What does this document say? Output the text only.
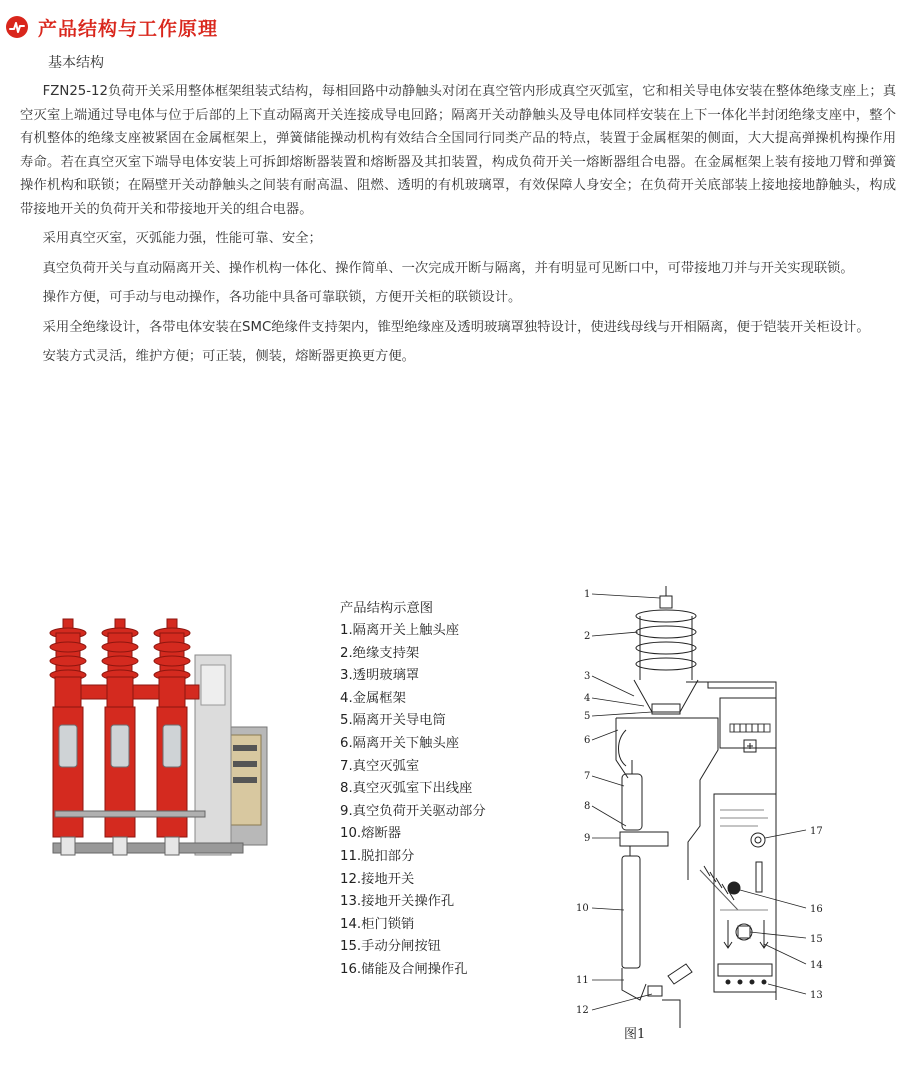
产品结构与工作原理
基本结构

FZN25-12负荷开关采用整体框架组装式结构，每相回路中动静触头对闭在真空管内形成真空灭弧室，它和相关导电体安装在整体绝缘支座上；真空灭室上端通过导电体与位于后部的上下直动隔离开关连接成导电回路；隔离开关动静触头及导电体同样安装在上下一体化半封闭绝缘支座中，整个有机整体的绝缘支座被紧固在金属框架上，弹簧储能操动机构有效结合全国同行同类产品的特点，装置于金属框架的侧面，大大提高弹操机构操作用寿命。若在真空灭室下端导电体安装上可拆卸熔断器装置和熔断器及其扣装置，构成负荷开关一熔断器组合电器。在金属框架上装有接地刀臂和弹簧操作机构和联锁；在隔壁开关动静触头之间装有耐高温、阻燃、透明的有机玻璃罩，有效保障人身安全；在负荷开关底部装上接地接地静触头，构成带接地开关的负荷开关和带接地开关的组合电器。

采用真空灭室，灭弧能力强，性能可靠、安全；

真空负荷开关与直动隔离开关、操作机构一体化、操作简单、一次完成开断与隔离，并有明显可见断口中，可带接地刀并与开关实现联锁。

操作方便，可手动与电动操作，各功能中具备可靠联锁，方便开关柜的联锁设计。

采用全绝缘设计，各带电体安装在SMC绝缘件支持架内，锥型绝缘座及透明玻璃罩独特设计，使进线母线与开相隔离，便于铠装开关柜设计。

安装方式灵活，维护方便；可正装，侧装，熔断器更换更方便。

产品结构示意图
1.隔离开关上触头座
2.绝缘支持架
3.透明玻璃罩
4.金属框架
5.隔离开关导电筒
6.隔离开关下触头座
7.真空灭弧室
8.真空灭弧室下出线座
9.真空负荷开关驱动部分
10.熔断器
11.脱扣部分
12.接地开关
13.接地开关操作孔
14.柜门锁销
15.手动分闸按钮
16.储能及合闸操作孔
1
2
3
4
5
6
7
8
9
10
11
12
13
14
15
16
17
图1
